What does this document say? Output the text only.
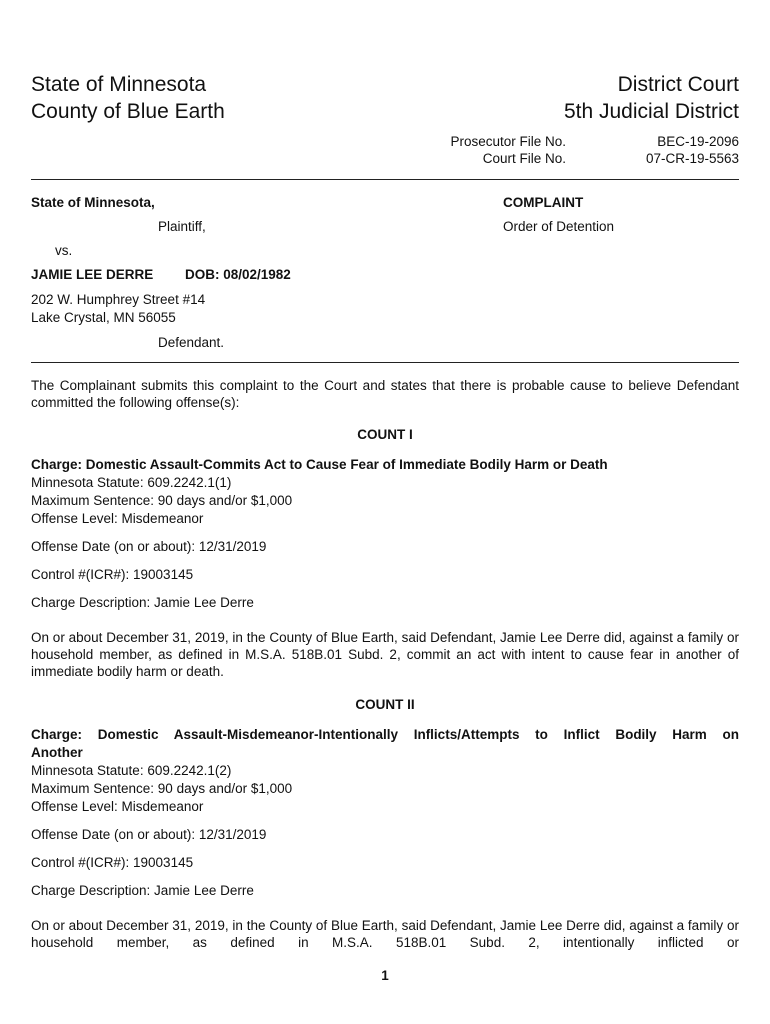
State of Minnesota
County of Blue Earth
District Court
5th Judicial District
Prosecutor File No.	BEC-19-2096
Court File No.	07-CR-19-5563
State of Minnesota,
Plaintiff,
vs.
JAMIE LEE DERRE DOB: 08/02/1982
202 W. Humphrey Street #14
Lake Crystal, MN 56055
Defendant.
COMPLAINT
Order of Detention
The Complainant submits this complaint to the Court and states that there is probable cause to believe Defendant committed the following offense(s):
COUNT I
Charge: Domestic Assault-Commits Act to Cause Fear of Immediate Bodily Harm or Death
Minnesota Statute: 609.2242.1(1)
Maximum Sentence: 90 days and/or $1,000
Offense Level: Misdemeanor
Offense Date (on or about): 12/31/2019
Control #(ICR#): 19003145
Charge Description: Jamie Lee Derre
On or about December 31, 2019, in the County of Blue Earth, said Defendant, Jamie Lee Derre did, against a family or household member, as defined in M.S.A. 518B.01 Subd. 2, commit an act with intent to cause fear in another of immediate bodily harm or death.
COUNT II
Charge: Domestic Assault-Misdemeanor-Intentionally Inflicts/Attempts to Inflict Bodily Harm on
Another
Minnesota Statute: 609.2242.1(2)
Maximum Sentence: 90 days and/or $1,000
Offense Level: Misdemeanor
Offense Date (on or about): 12/31/2019
Control #(ICR#): 19003145
Charge Description: Jamie Lee Derre
On or about December 31, 2019, in the County of Blue Earth, said Defendant, Jamie Lee Derre did, against a family or household member, as defined in M.S.A. 518B.01 Subd. 2, intentionally inflicted or
1
